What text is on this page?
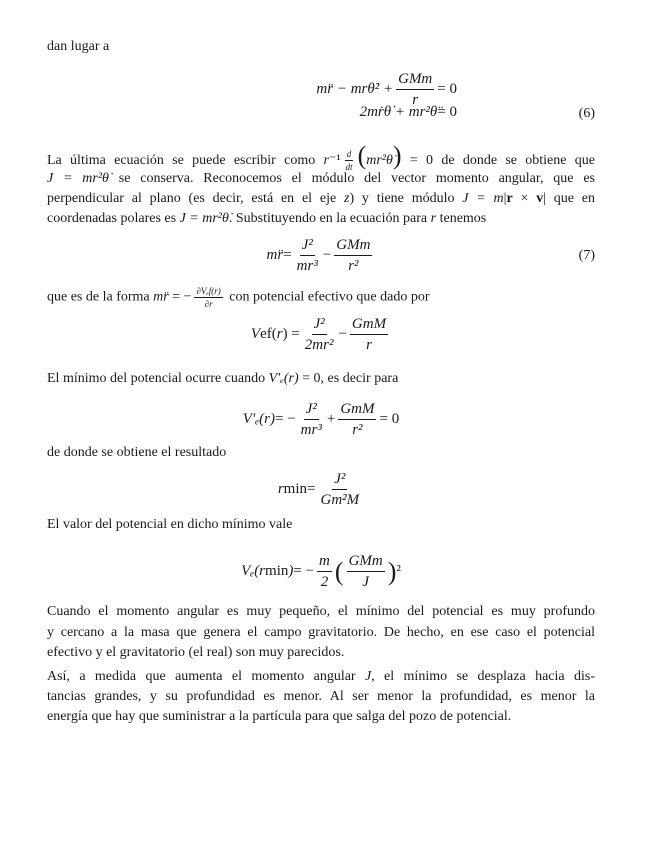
dan lugar a
mr̈ − mrθ̇² + $\frac{\text{GMm}}{r} = 0$
2mṙθ̇ + mr²θ̈ = 0	(6)
La última ecuación se puede escribir como $r^{-1} \frac{d}{dt}$ (mr²θ̇) = 0 de donde se obtiene que
J = mr²θ̇ se conserva. Reconocemos el módulo del vector momento angular, que es
perpendicular al plano (es decir, está en el eje z) y tiene módulo J = m|r × v| que en
coordenadas polares es J = mr²θ̇. Substituyendo en la ecuación para r tenemos
mr̈ = $\frac{\text{J²}}{\text{mr³}} - \frac{\text{GMm}}{\text{r²}}$	(7)
que es de la forma mr̈ = − $\frac{\text{∂Vₑf(r)}}{\partial r}$ con potencial efectivo que dado por
V ef ( r ) = $\frac{\text{J²}}{\text{2mr²}} - \frac{\text{GmM}}{r}$
El mínimo del potencial ocurre cuando V′ₑ(r) = 0, es decir para
V′ₑ(r) = − $\frac{\text{J²}}{\text{mr³}} + \frac{\text{GmM}}{\text{r²}} = 0$
de donde se obtiene el resultado
r $\min = \frac{\text{J²}}{\text{Gm²M}}$
El valor del potencial en dicho mínimo vale
Vₑ(r min ) = − $\frac{m}{2}$ ( $\frac{\text{GMm}}{J}$ ) ²
Cuando el momento angular es muy pequeño, el mínimo del potencial es muy profundo
y cercano a la masa que genera el campo gravitatorio. De hecho, en ese caso el potencial
efectivo y el gravitatorio (el real) son muy parecidos.
Así, a medida que aumenta el momento angular J, el mínimo se desplaza hacia dis-
tancias grandes, y su profundidad es menor. Al ser menor la profundidad, es menor la
energía que hay que suministrar a la partícula para que salga del pozo de potencial.
